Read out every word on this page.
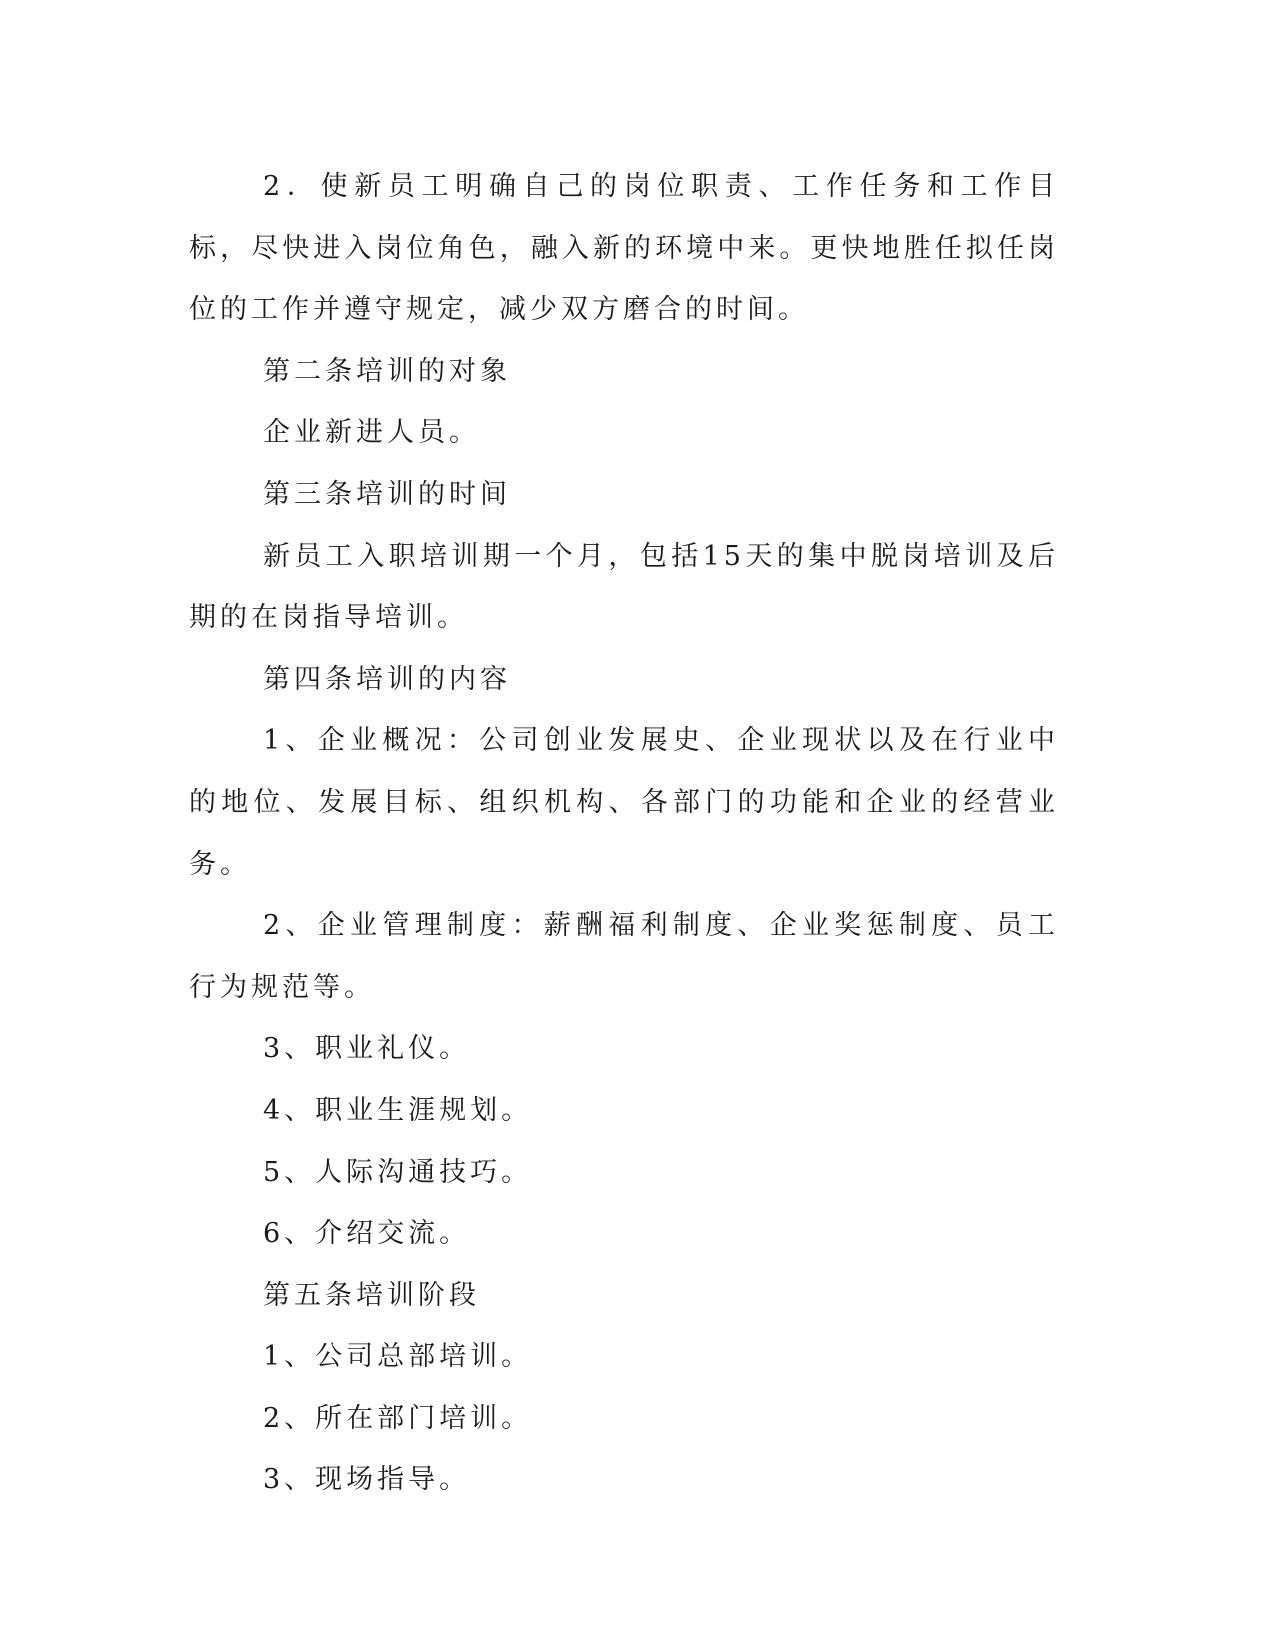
2．使新员工明确自己的岗位职责、工作任务和工作目标，尽快进入岗位角色，融入新的环境中来。更快地胜任拟任岗位的工作并遵守规定，减少双方磨合的时间。

第二条培训的对象

企业新进人员。

第三条培训的时间

新员工入职培训期一个月，包括15天的集中脱岗培训及后期的在岗指导培训。

第四条培训的内容

1、企业概况：公司创业发展史、企业现状以及在行业中的地位、发展目标、组织机构、各部门的功能和企业的经营业务。

2、企业管理制度：薪酬福利制度、企业奖惩制度、员工行为规范等。

3、职业礼仪。

4、职业生涯规划。

5、人际沟通技巧。

6、介绍交流。

第五条培训阶段

1、公司总部培训。

2、所在部门培训。

3、现场指导。
